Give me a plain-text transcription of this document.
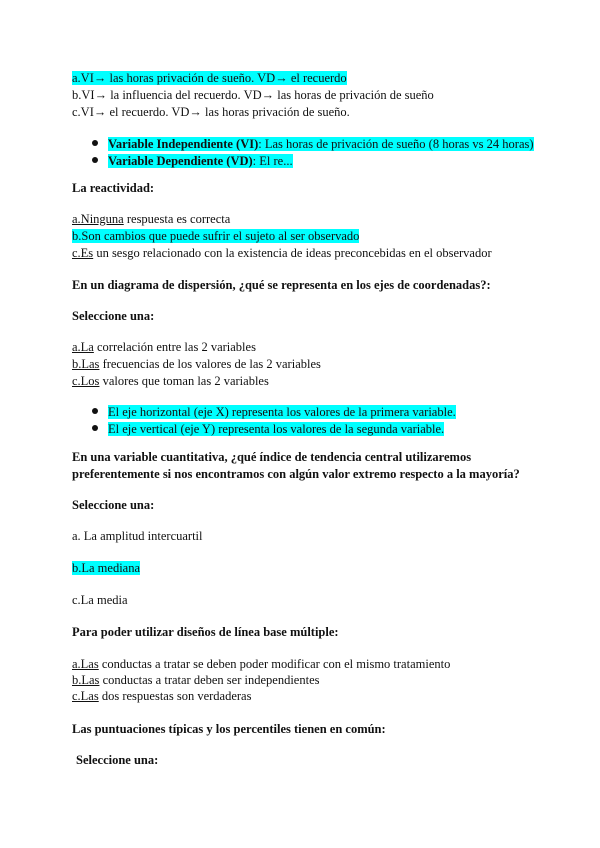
a.VI→ las horas privación de sueño. VD→ el recuerdo
b.VI→ la influencia del recuerdo. VD→ las horas de privación de sueño
c.VI→ el recuerdo. VD→ las horas privación de sueño.
Variable Independiente (VI): Las horas de privación de sueño (8 horas vs 24 horas)
Variable Dependiente (VD): El re...
La reactividad:
a.Ninguna respuesta es correcta
b.Son cambios que puede sufrir el sujeto al ser observado
c.Es un sesgo relacionado con la existencia de ideas preconcebidas en el observador
En un diagrama de dispersión, ¿qué se representa en los ejes de coordenadas?:
Seleccione una:
a.La correlación entre las 2 variables
b.Las frecuencias de los valores de las 2 variables
c.Los valores que toman las 2 variables
El eje horizontal (eje X) representa los valores de la primera variable.
El eje vertical (eje Y) representa los valores de la segunda variable.
En una variable cuantitativa, ¿qué índice de tendencia central utilizaremos
preferentemente si nos encontramos con algún valor extremo respecto a la mayoría?
Seleccione una:
a. La amplitud intercuartil
b.La mediana
c.La media
Para poder utilizar diseños de línea base múltiple:
a.Las conductas a tratar se deben poder modificar con el mismo tratamiento
b.Las conductas a tratar deben ser independientes
c.Las dos respuestas son verdaderas
Las puntuaciones típicas y los percentiles tienen en común:
Seleccione una:
